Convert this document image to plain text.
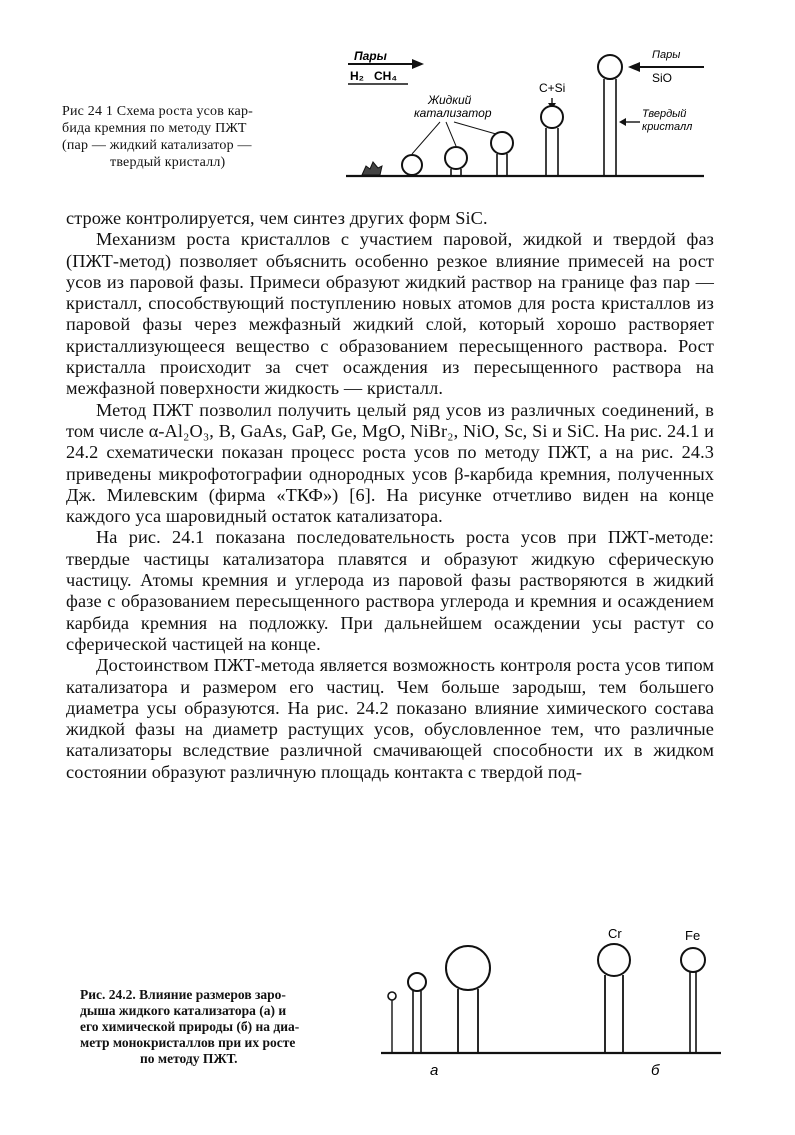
Пары
H₂ CH₄
Жидкий
катализатор
C+Si
Пары
SiO
Твердый
кристалл
Рис 24 1 Схема роста усов кар-
бида кремния по методу ПЖТ
(пар — жидкий катализатор —
твердый кристалл)

строже контролируется, чем синтез других форм SiC.

Механизм роста кристаллов с участием паровой, жидкой и твердой фаз (ПЖТ-метод) позволяет объяснить особенно резкое влияние примесей на рост усов из паровой фазы. Примеси образуют жидкий раствор на границе фаз пар — кристалл, способствующий поступлению новых атомов для роста кристаллов из паровой фазы через межфазный жидкий слой, который хорошо растворяет кристаллизующееся вещество с образованием пересыщенного раствора. Рост кристалла происходит за счет осаждения из пересыщенного раствора на межфазной поверхности жидкость — кристалл.

Метод ПЖТ позволил получить целый ряд усов из различных соединений, в том числе α-Al₂O₃, B, GaAs, GaP, Ge, MgO, NiBr₂, NiO, Sc, Si и SiC. На рис. 24.1 и 24.2 схематически показан процесс роста усов по методу ПЖТ, а на рис. 24.3 приведены микрофотографии однородных усов β-карбида кремния, полученных Дж. Милевским (фирма «ТКФ») [6]. На рисунке отчетливо виден на конце каждого уса шаровидный остаток катализатора.

На рис. 24.1 показана последовательность роста усов при ПЖТ-методе: твердые частицы катализатора плавятся и образуют жидкую сферическую частицу. Атомы кремния и углерода из паровой фазы растворяются в жидкий фазе с образованием пересыщенного раствора углерода и кремния и осаждением карбида кремния на подложку. При дальнейшем осаждении усы растут со сферической частицей на конце.

Достоинством ПЖТ-метода является возможность контроля роста усов типом катализатора и размером его частиц. Чем больше зародыш, тем большего диаметра усы образуются. На рис. 24.2 показано влияние химического состава жидкой фазы на диаметр растущих усов, обусловленное тем, что различные катализаторы вследствие различной смачивающей способности их в жидком состоянии образуют различную площадь контакта с твердой под-

а
Cr	Fe
б
Рис. 24.2. Влияние размеров заро-
дыша жидкого катализатора (а) и
его химической природы (б) на диа-
метр монокристаллов при их росте
по методу ПЖТ.
